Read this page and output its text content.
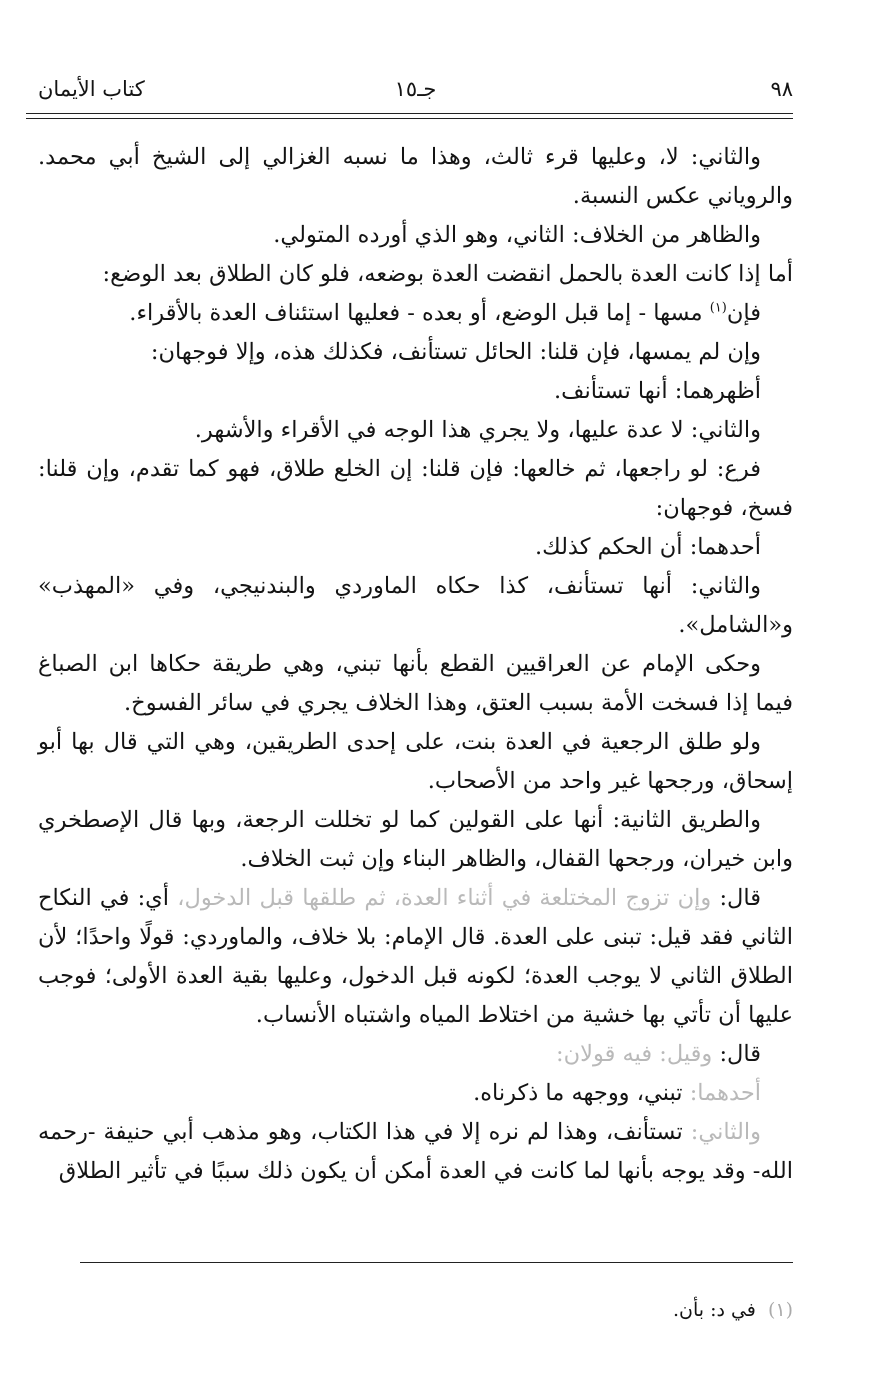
كتاب الأيمان	جـ١٥	٩٨

والثاني: لا، وعليها قرء ثالث، وهذا ما نسبه الغزالي إلى الشيخ أبي محمد. والروياني عكس النسبة.

والظاهر من الخلاف: الثاني، وهو الذي أورده المتولي.

أما إذا كانت العدة بالحمل انقضت العدة بوضعه، فلو كان الطلاق بعد الوضع:

فإن$^{(١)}$ مسها - إما قبل الوضع، أو بعده - فعليها استئناف العدة بالأقراء.

وإن لم يمسها، فإن قلنا: الحائل تستأنف، فكذلك هذه، وإلا فوجهان:

أظهرهما: أنها تستأنف.

والثاني: لا عدة عليها، ولا يجري هذا الوجه في الأقراء والأشهر.

فرع: لو راجعها، ثم خالعها: فإن قلنا: إن الخلع طلاق، فهو كما تقدم، وإن قلنا: فسخ، فوجهان:

أحدهما: أن الحكم كذلك.

والثاني: أنها تستأنف، كذا حكاه الماوردي والبندنيجي، وفي «المهذب» و«الشامل».

وحكى الإمام عن العراقيين القطع بأنها تبني، وهي طريقة حكاها ابن الصباغ فيما إذا فسخت الأمة بسبب العتق، وهذا الخلاف يجري في سائر الفسوخ.

ولو طلق الرجعية في العدة بنت، على إحدى الطريقين، وهي التي قال بها أبو إسحاق، ورجحها غير واحد من الأصحاب.

والطريق الثانية: أنها على القولين كما لو تخللت الرجعة، وبها قال الإصطخري وابن خيران، ورجحها القفال، والظاهر البناء وإن ثبت الخلاف.

قال: وإن تزوج المختلعة في أثناء العدة، ثم طلقها قبل الدخول، أي: في النكاح الثاني فقد قيل: تبنى على العدة. قال الإمام: بلا خلاف، والماوردي: قولًا واحدًا؛ لأن الطلاق الثاني لا يوجب العدة؛ لكونه قبل الدخول، وعليها بقية العدة الأولى؛ فوجب عليها أن تأتي بها خشية من اختلاط المياه واشتباه الأنساب.

قال: وقيل: فيه قولان:

أحدهما: تبني، ووجهه ما ذكرناه.

والثاني: تستأنف، وهذا لم نره إلا في هذا الكتاب، وهو مذهب أبي حنيفة -رحمه الله- وقد يوجه بأنها لما كانت في العدة أمكن أن يكون ذلك سببًا في تأثير الطلاق

(١) في د: بأن.
